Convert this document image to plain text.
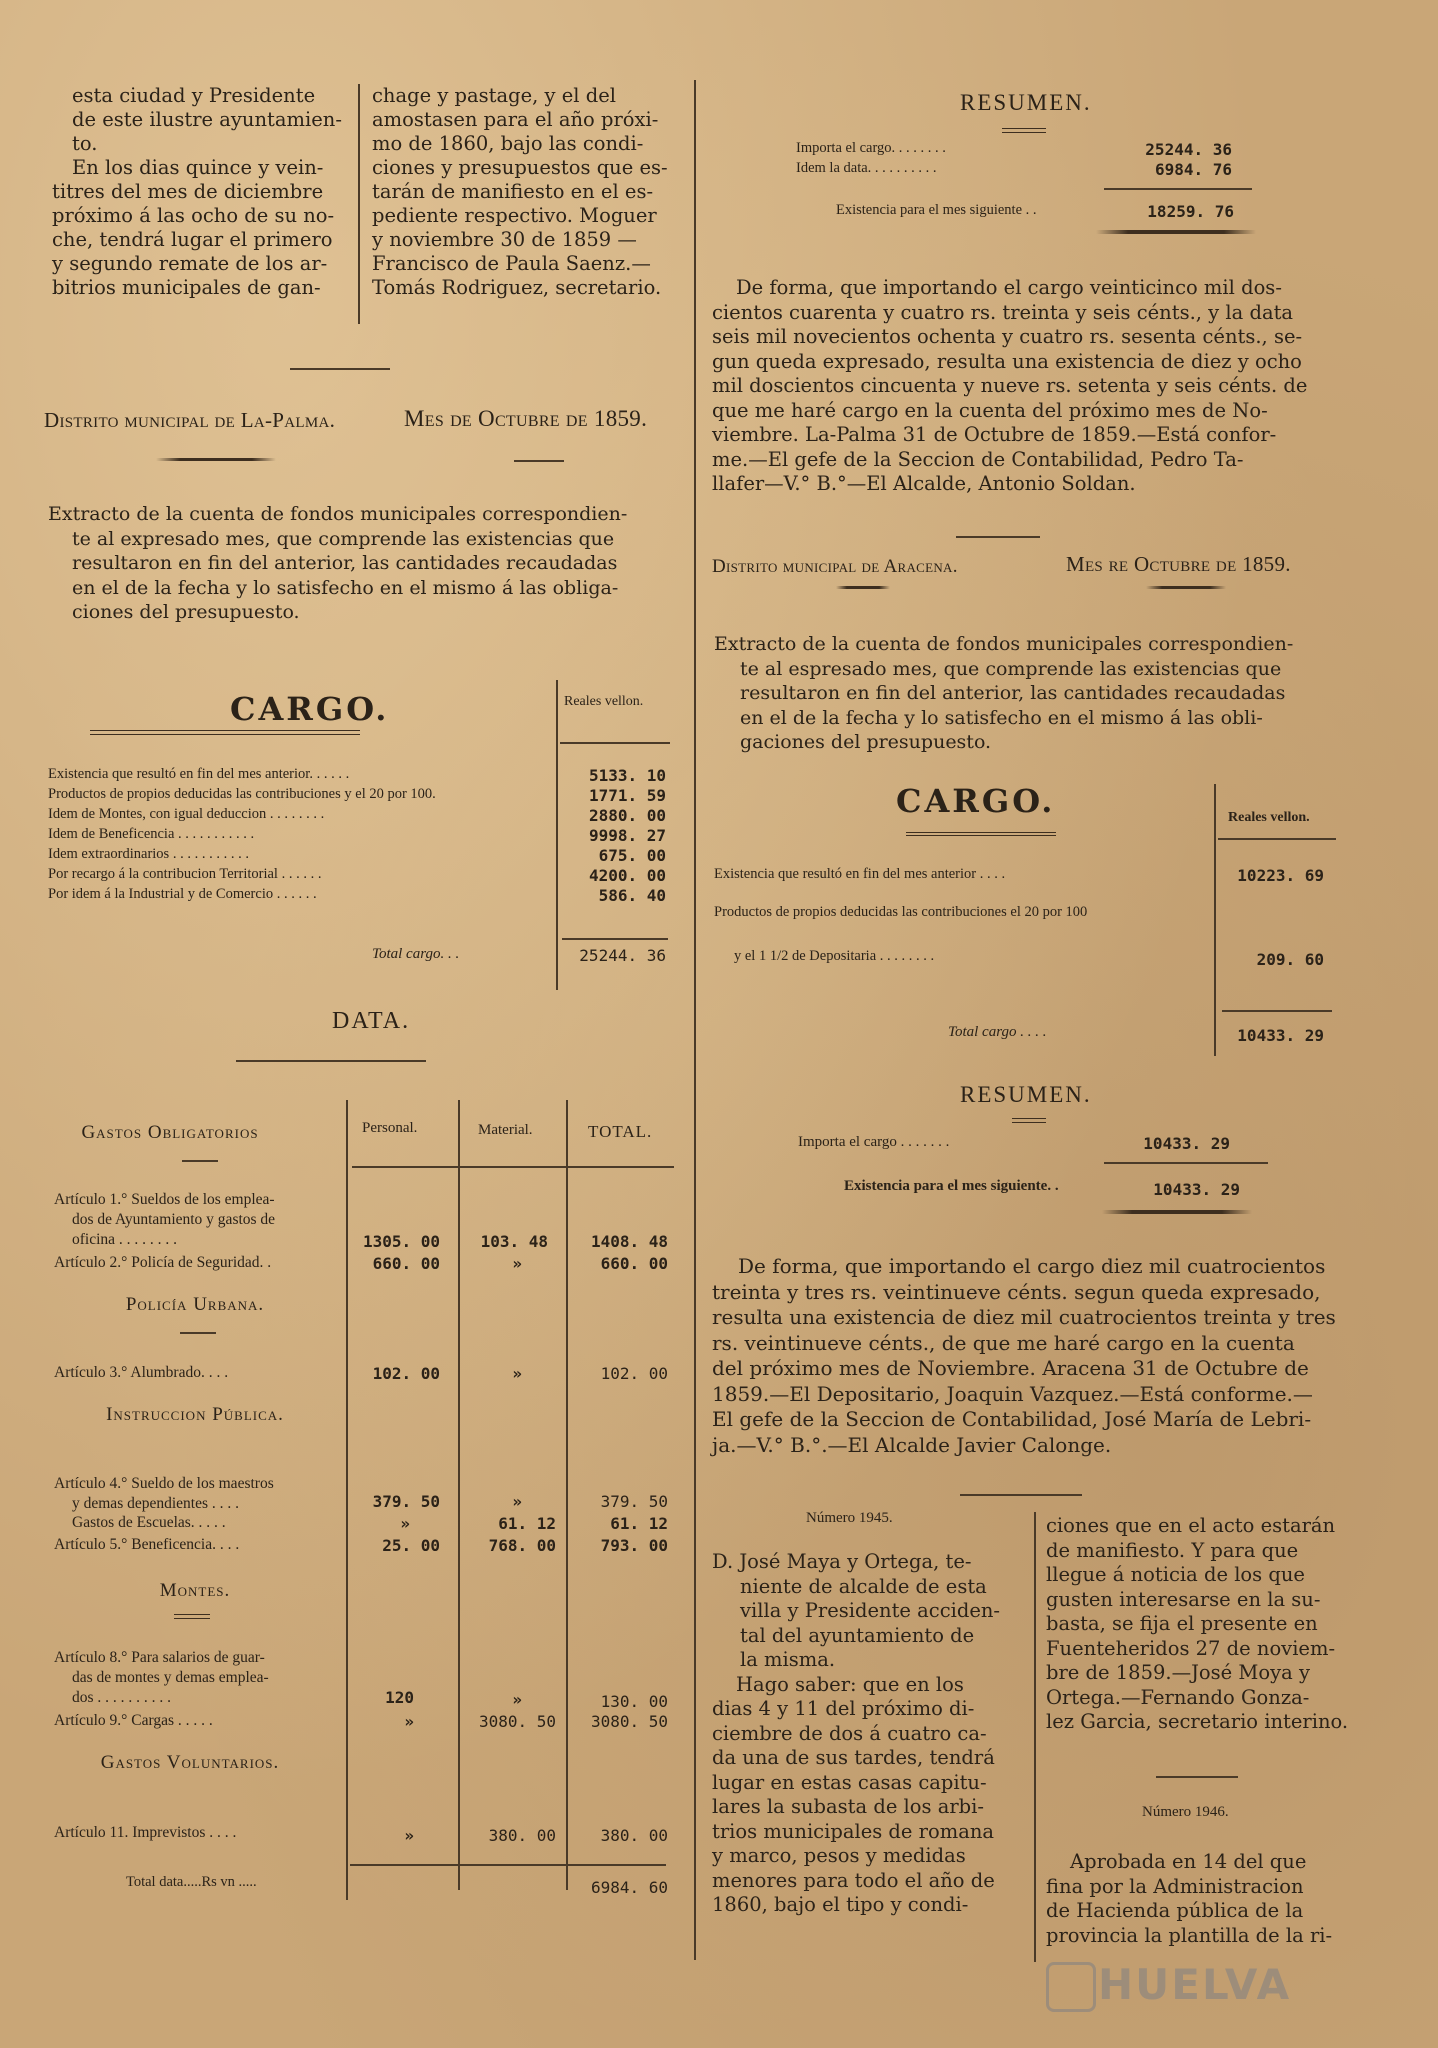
esta ciudad y Presidente
de este ilustre ayuntamien-
to.
En los dias quince y vein-
titres del mes de diciembre
próximo á las ocho de su no-
che, tendrá lugar el primero
y segundo remate de los ar-
bitrios municipales de gan-
chage y pastage, y el del
amostasen para el año próxi-
mo de 1860, bajo las condi-
ciones y presupuestos que es-
tarán de manifiesto en el es-
pediente respectivo. Moguer
y noviembre 30 de 1859 —
Francisco de Paula Saenz.—
Tomás Rodriguez, secretario.
Distrito municipal de La-Palma.	Mes de Octubre de 1859.
Extracto de la cuenta de fondos municipales correspondien-
te al expresado mes, que comprende las existencias que
resultaron en fin del anterior, las cantidades recaudadas
en el de la fecha y lo satisfecho en el mismo á las obliga-
ciones del presupuesto.
CARGO.	Reales vellon.
Existencia que resultó en fin del mes anterior. . . . . .	5133. 10
Productos de propios deducidas las contribuciones y el 20 por 100.	1771. 59
Idem de Montes, con igual deduccion . . . . . . . .	2880. 00
Idem de Beneficencia . . . . . . . . . . .	9998. 27
Idem extraordinarios . . . . . . . . . . .	675. 00
Por recargo á la contribucion Territorial . . . . . .	4200. 00
Por idem á la Industrial y de Comercio . . . . . .	586. 40
Total cargo. . .	25244. 36
DATA.
Gastos Obligatorios	Personal.	Material.	TOTAL.
Artículo 1.° Sueldos de los emplea-
dos de Ayuntamiento y gastos de
oficina . . . . . . . .	1305. 00	103. 48	1408. 48
Artículo 2.° Policía de Seguridad. .	660. 00	»	660. 00
Policía Urbana.
Artículo 3.° Alumbrado. . . .	102. 00	»	102. 00
Instruccion Pública.
Artículo 4.° Sueldo de los maestros
y demas dependientes . . . .	379. 50	»	379. 50
Gastos de Escuelas. . . . .	»	61. 12	61. 12
Artículo 5.° Beneficencia. . . .	25. 00	768. 00	793. 00
Montes.
Artículo 8.° Para salarios de guar-
das de montes y demas emplea-
dos . . . . . . . . . .	120	»	130. 00
Artículo 9.° Cargas . . . . .	»	3080. 50	3080. 50
Gastos Voluntarios.
Artículo 11. Imprevistos . . . .	»	380. 00	380. 00
Total data.....Rs vn .....	6984. 60
RESUMEN.
Importa el cargo. . . . . . . .	25244. 36
Idem la data. . . . . . . . . .	6984. 76
Existencia para el mes siguiente . .	18259. 76
De forma, que importando el cargo veinticinco mil dos-
cientos cuarenta y cuatro rs. treinta y seis cénts., y la data
seis mil novecientos ochenta y cuatro rs. sesenta cénts., se-
gun queda expresado, resulta una existencia de diez y ocho
mil doscientos cincuenta y nueve rs. setenta y seis cénts. de
que me haré cargo en la cuenta del próximo mes de No-
viembre. La-Palma 31 de Octubre de 1859.—Está confor-
me.—El gefe de la Seccion de Contabilidad, Pedro Ta-
llafer—V.° B.°—El Alcalde, Antonio Soldan.
Distrito municipal de Aracena.	Mes re Octubre de 1859.
Extracto de la cuenta de fondos municipales correspondien-
te al espresado mes, que comprende las existencias que
resultaron en fin del anterior, las cantidades recaudadas
en el de la fecha y lo satisfecho en el mismo á las obli-
gaciones del presupuesto.
CARGO.	Reales vellon.
Existencia que resultó en fin del mes anterior . . . .	10223. 69
Productos de propios deducidas las contribuciones el 20 por 100
y el 1 1/2 de Depositaria . . . . . . . .	209. 60
Total cargo . . . .	10433. 29
RESUMEN.
Importa el cargo . . . . . . .	10433. 29
Existencia para el mes siguiente. .	10433. 29
De forma, que importando el cargo diez mil cuatrocientos
treinta y tres rs. veintinueve cénts. segun queda expresado,
resulta una existencia de diez mil cuatrocientos treinta y tres
rs. veintinueve cénts., de que me haré cargo en la cuenta
del próximo mes de Noviembre. Aracena 31 de Octubre de
1859.—El Depositario, Joaquin Vazquez.—Está conforme.—
El gefe de la Seccion de Contabilidad, José María de Lebri-
ja.—V.° B.°.—El Alcalde Javier Calonge.
Número 1945.
D. José Maya y Ortega, te-
niente de alcalde de esta
villa y Presidente acciden-
tal del ayuntamiento de
la misma.
Hago saber: que en los
dias 4 y 11 del próximo di-
ciembre de dos á cuatro ca-
da una de sus tardes, tendrá
lugar en estas casas capitu-
lares la subasta de los arbi-
trios municipales de romana
y marco, pesos y medidas
menores para todo el año de
1860, bajo el tipo y condi-
ciones que en el acto estarán
de manifiesto. Y para que
llegue á noticia de los que
gusten interesarse en la su-
basta, se fija el presente en
Fuenteheridos 27 de noviem-
bre de 1859.—José Moya y
Ortega.—Fernando Gonza-
lez Garcia, secretario interino.
Número 1946.
Aprobada en 14 del que
fina por la Administracion
de Hacienda pública de la
provincia la plantilla de la ri-
HUELVA
